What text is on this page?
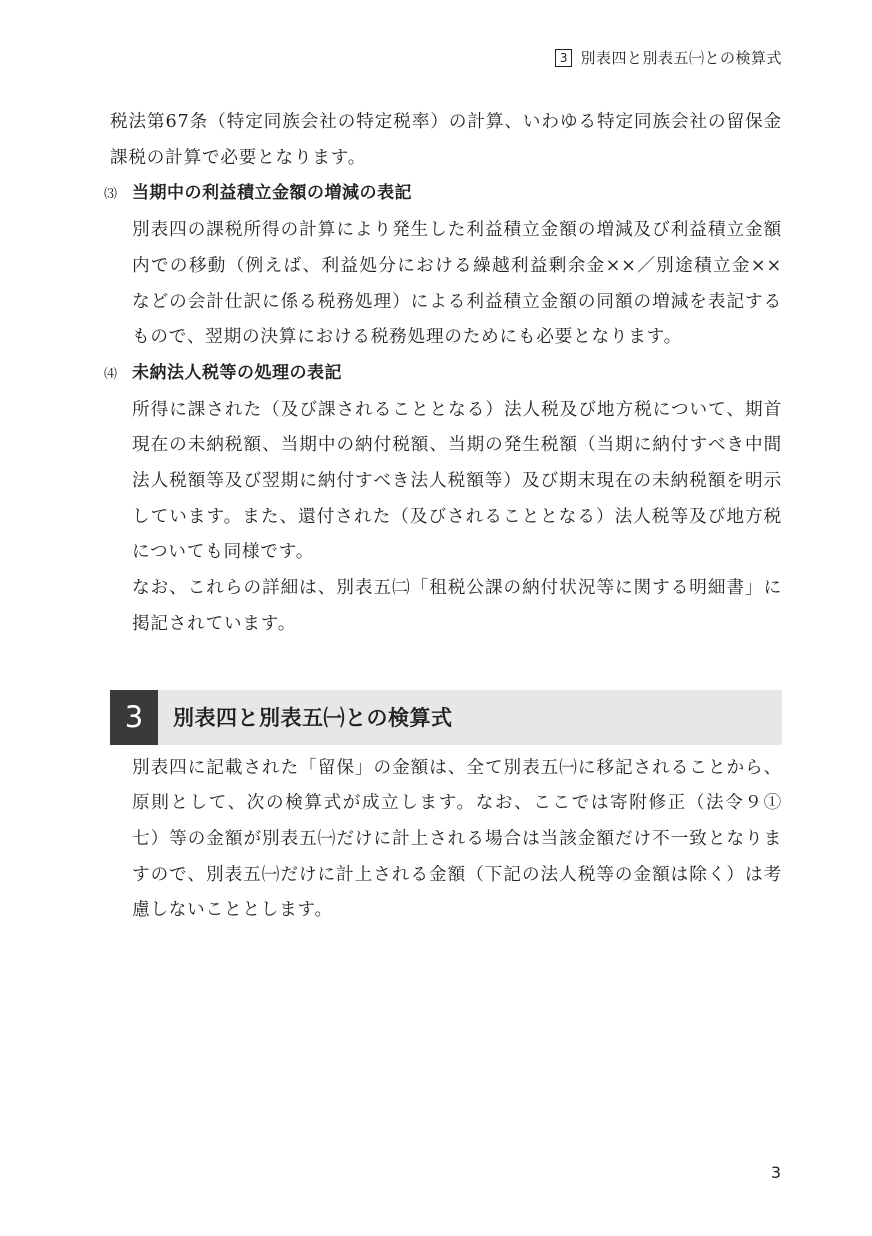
3 別表四と別表五㈠との検算式

税法第67条（特定同族会社の特定税率）の計算、いわゆる特定同族会社の留保金課税の計算で必要となります。

⑶ 当期中の利益積立金額の増減の表記

別表四の課税所得の計算により発生した利益積立金額の増減及び利益積立金額内での移動（例えば、利益処分における繰越利益剰余金××／別途積立金××などの会計仕訳に係る税務処理）による利益積立金額の同額の増減を表記するもので、翌期の決算における税務処理のためにも必要となります。

⑷ 未納法人税等の処理の表記

所得に課された（及び課されることとなる）法人税及び地方税について、期首現在の未納税額、当期中の納付税額、当期の発生税額（当期に納付すべき中間法人税額等及び翌期に納付すべき法人税額等）及び期末現在の未納税額を明示しています。また、還付された（及びされることとなる）法人税等及び地方税についても同様です。

なお、これらの詳細は、別表五㈡「租税公課の納付状況等に関する明細書」に掲記されています。

3	別表四と別表五㈠との検算式

別表四に記載された「留保」の金額は、全て別表五㈠に移記されることから、原則として、次の検算式が成立します。なお、ここでは寄附修正（法令９①七）等の金額が別表五㈠だけに計上される場合は当該金額だけ不一致となりますので、別表五㈠だけに計上される金額（下記の法人税等の金額は除く）は考慮しないこととします。

3
